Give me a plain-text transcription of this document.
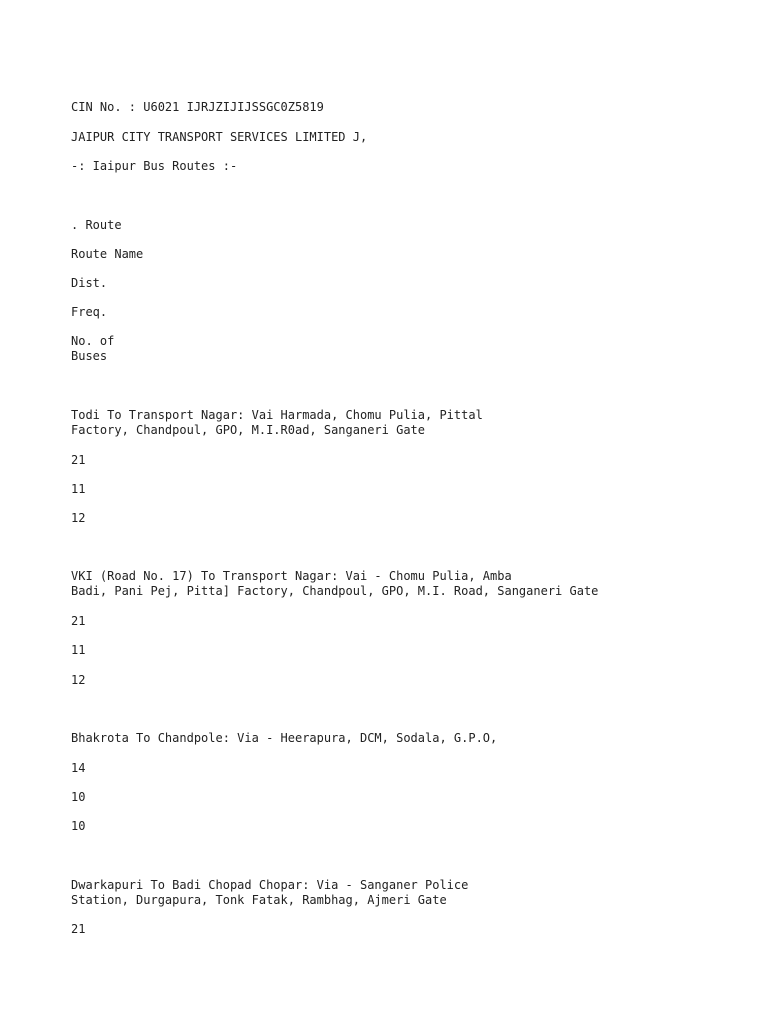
CIN No. : U6021 IJRJZIJIJSSGC0Z5819
JAIPUR CITY TRANSPORT SERVICES LIMITED J,
-: Iaipur Bus Routes :-
. Route
Route Name
Dist.
Freq.
No. of
Buses
Todi To Transport Nagar: Vai Harmada, Chomu Pulia, Pittal
Factory, Chandpoul, GPO, M.I.R0ad, Sanganeri Gate
21
11
12
VKI (Road No. 17) To Transport Nagar: Vai - Chomu Pulia, Amba
Badi, Pani Pej, Pitta] Factory, Chandpoul, GPO, M.I. Road, Sanganeri Gate
21
11
12
Bhakrota To Chandpole: Via - Heerapura, DCM, Sodala, G.P.O,
14
10
10
Dwarkapuri To Badi Chopad Chopar: Via - Sanganer Police
Station, Durgapura, Tonk Fatak, Rambhag, Ajmeri Gate
21
